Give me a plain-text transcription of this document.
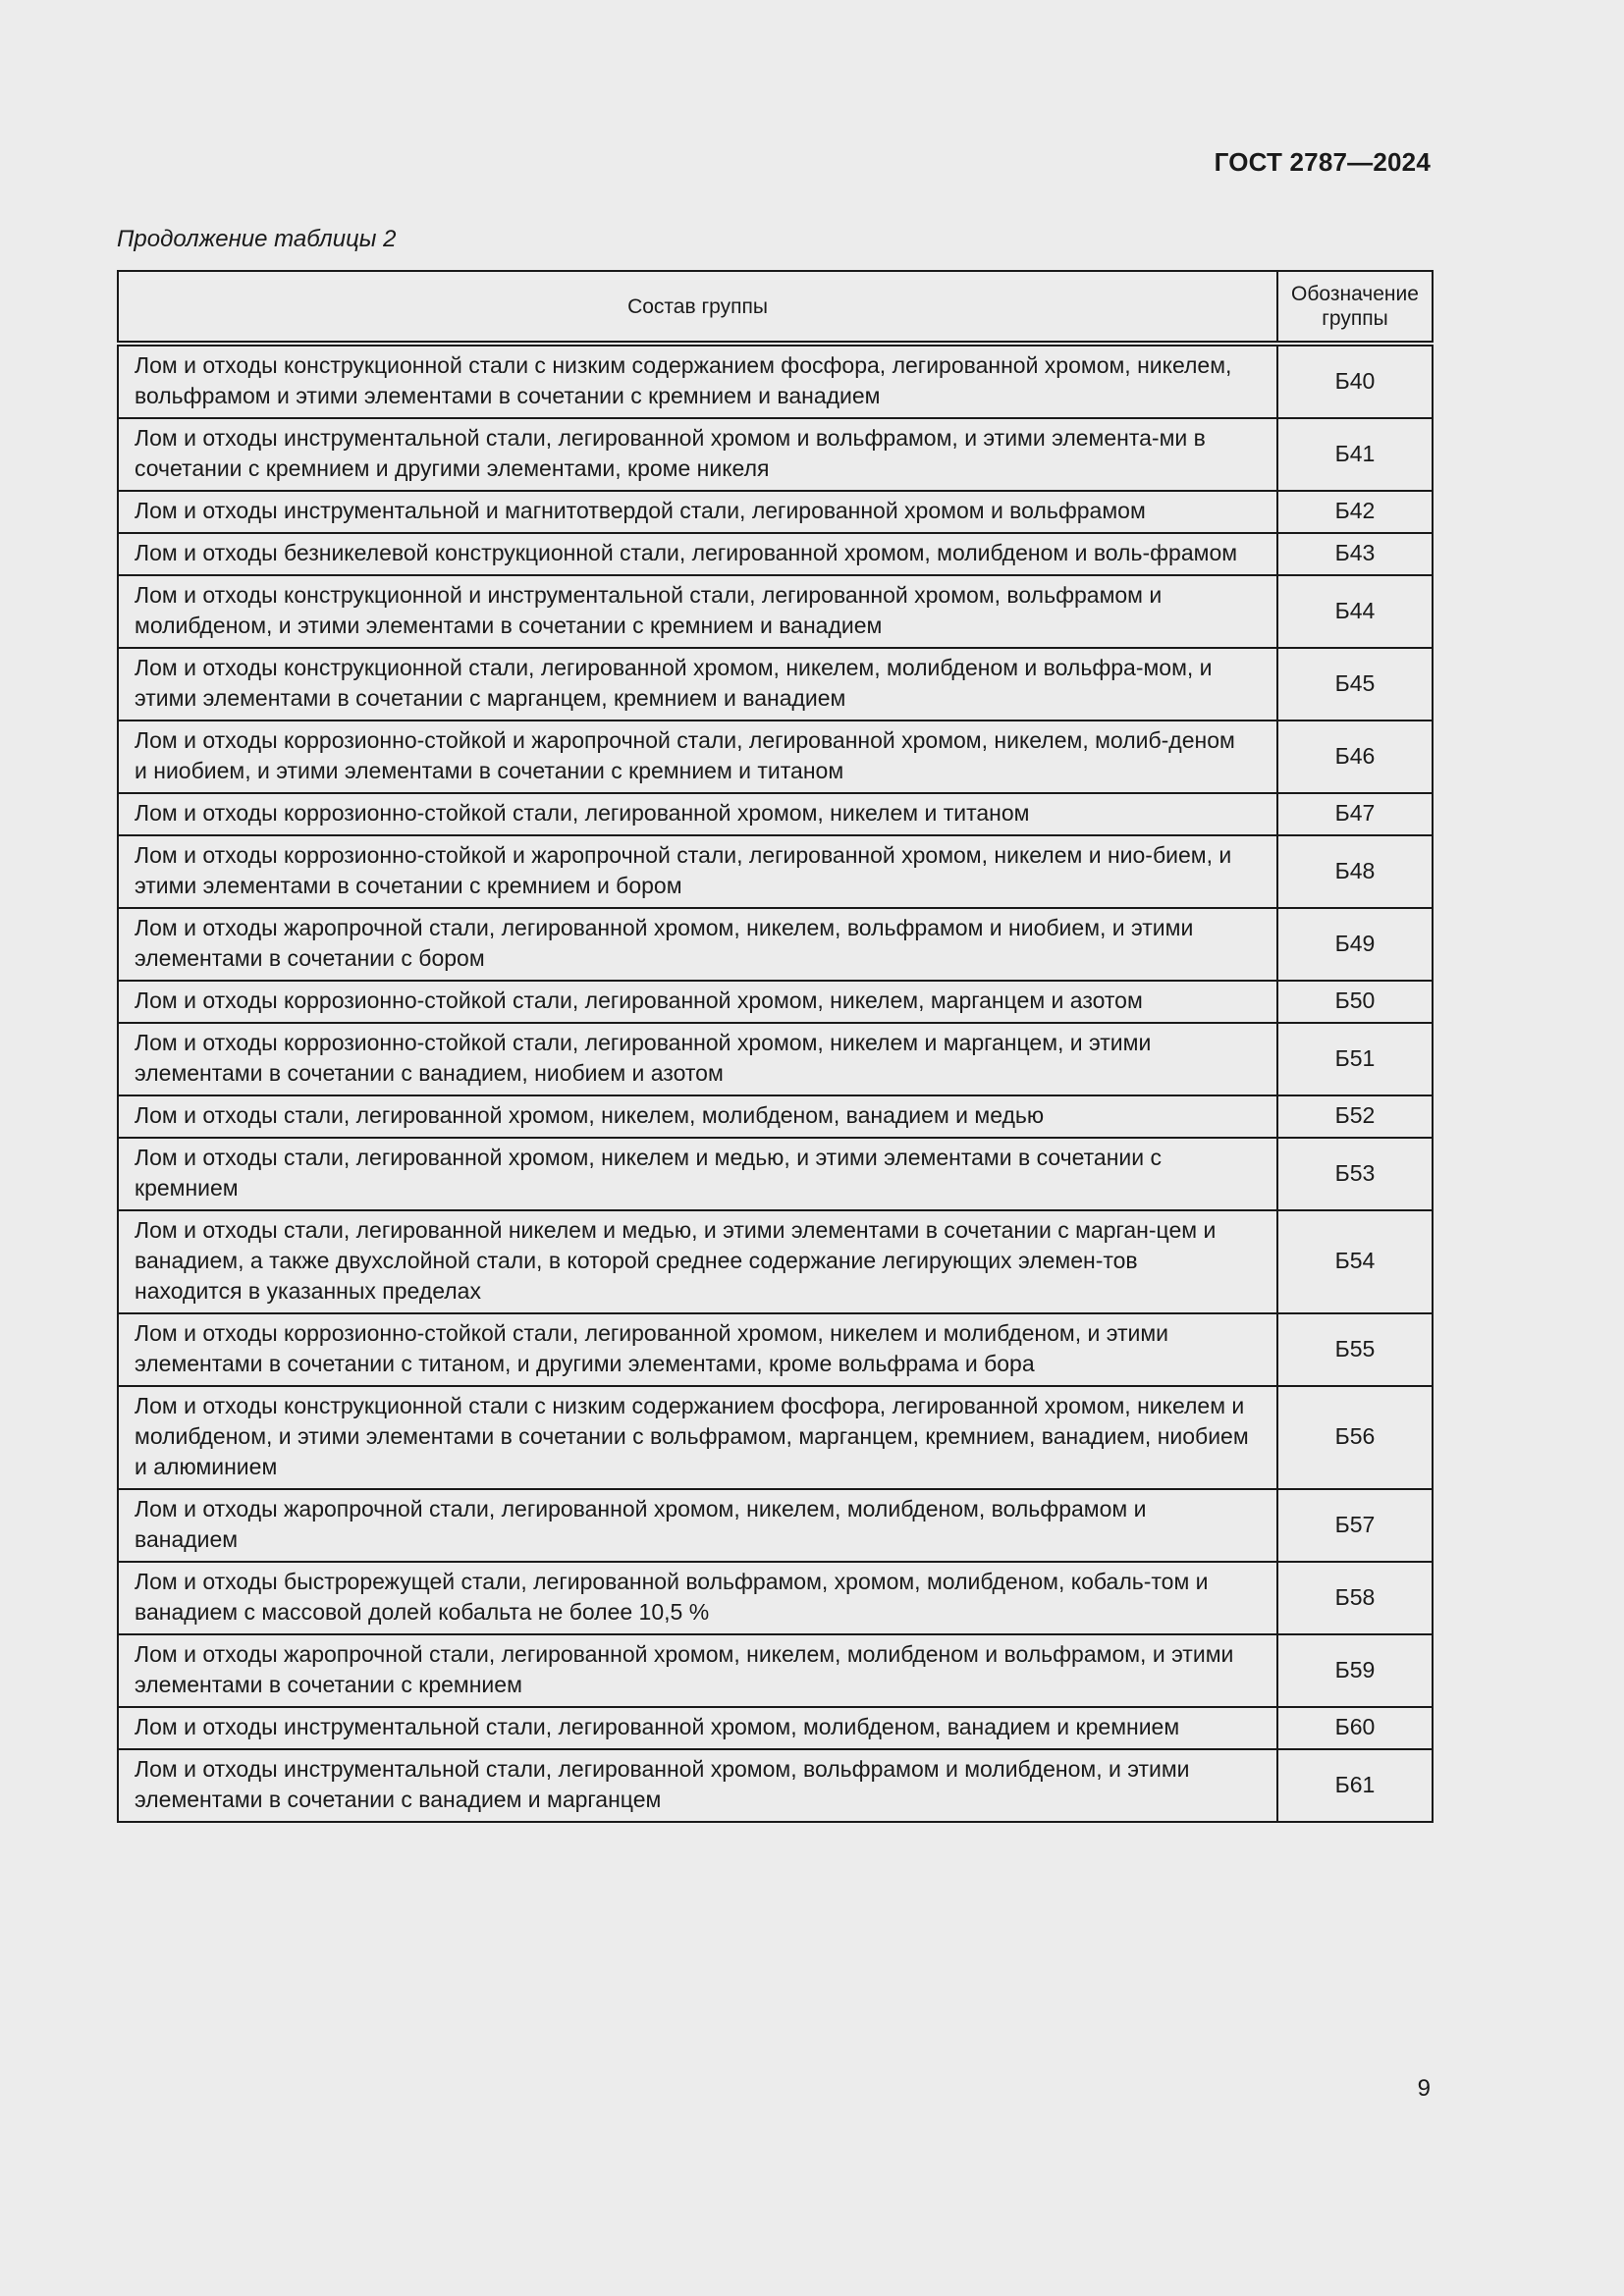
ГОСТ 2787—2024
Продолжение таблицы 2
Состав группы	Обозначение группы
Лом и отходы конструкционной стали с низким содержанием фосфора, легированной хромом, никелем, вольфрамом и этими элементами в сочетании с кремнием и ванадием	Б40
Лом и отходы инструментальной стали, легированной хромом и вольфрамом, и этими элемента-ми в сочетании с кремнием и другими элементами, кроме никеля	Б41
Лом и отходы инструментальной и магнитотвердой стали, легированной хромом и вольфрамом	Б42
Лом и отходы безникелевой конструкционной стали, легированной хромом, молибденом и воль-фрамом	Б43
Лом и отходы конструкционной и инструментальной стали, легированной хромом, вольфрамом и молибденом, и этими элементами в сочетании с кремнием и ванадием	Б44
Лом и отходы конструкционной стали, легированной хромом, никелем, молибденом и вольфра-мом, и этими элементами в сочетании с марганцем, кремнием и ванадием	Б45
Лом и отходы коррозионно-стойкой и жаропрочной стали, легированной хромом, никелем, молиб-деном и ниобием, и этими элементами в сочетании с кремнием и титаном	Б46
Лом и отходы коррозионно-стойкой стали, легированной хромом, никелем и титаном	Б47
Лом и отходы коррозионно-стойкой и жаропрочной стали, легированной хромом, никелем и нио-бием, и этими элементами в сочетании с кремнием и бором	Б48
Лом и отходы жаропрочной стали, легированной хромом, никелем, вольфрамом и ниобием, и этими элементами в сочетании с бором	Б49
Лом и отходы коррозионно-стойкой стали, легированной хромом, никелем, марганцем и азотом	Б50
Лом и отходы коррозионно-стойкой стали, легированной хромом, никелем и марганцем, и этими элементами в сочетании с ванадием, ниобием и азотом	Б51
Лом и отходы стали, легированной хромом, никелем, молибденом, ванадием и медью	Б52
Лом и отходы стали, легированной хромом, никелем и медью, и этими элементами в сочетании с кремнием	Б53
Лом и отходы стали, легированной никелем и медью, и этими элементами в сочетании с марган-цем и ванадием, а также двухслойной стали, в которой среднее содержание легирующих элемен-тов находится в указанных пределах	Б54
Лом и отходы коррозионно-стойкой стали, легированной хромом, никелем и молибденом, и этими элементами в сочетании с титаном, и другими элементами, кроме вольфрама и бора	Б55
Лом и отходы конструкционной стали с низким содержанием фосфора, легированной хромом, никелем и молибденом, и этими элементами в сочетании с вольфрамом, марганцем, кремнием, ванадием, ниобием и алюминием	Б56
Лом и отходы жаропрочной стали, легированной хромом, никелем, молибденом, вольфрамом и ванадием	Б57
Лом и отходы быстрорежущей стали, легированной вольфрамом, хромом, молибденом, кобаль-том и ванадием с массовой долей кобальта не более 10,5 %	Б58
Лом и отходы жаропрочной стали, легированной хромом, никелем, молибденом и вольфрамом, и этими элементами в сочетании с кремнием	Б59
Лом и отходы инструментальной стали, легированной хромом, молибденом, ванадием и кремнием	Б60
Лом и отходы инструментальной стали, легированной хромом, вольфрамом и молибденом, и этими элементами в сочетании с ванадием и марганцем	Б61
9
